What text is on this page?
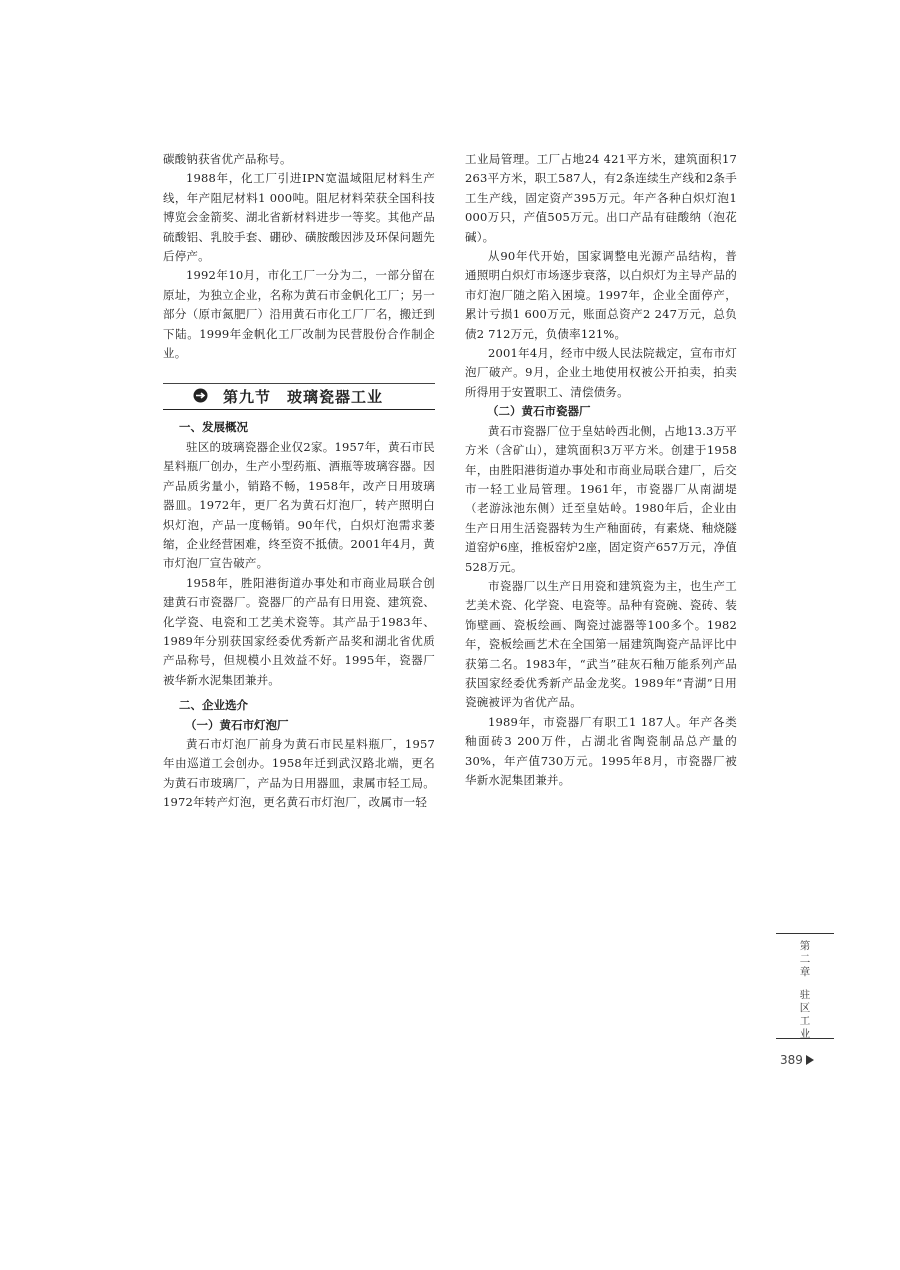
碳酸钠获省优产品称号。

1988年，化工厂引进IPN宽温域阻尼材料生产线，年产阻尼材料1 000吨。阻尼材料荣获全国科技博览会金箭奖、湖北省新材料进步一等奖。其他产品硫酸铝、乳胶手套、硼砂、磺胺酸因涉及环保问题先后停产。

1992年10月，市化工厂一分为二，一部分留在原址，为独立企业，名称为黄石市金帆化工厂；另一部分（原市氮肥厂）沿用黄石市化工厂厂名，搬迁到下陆。1999年金帆化工厂改制为民营股份合作制企业。

第九节　玻璃瓷器工业
一、发展概况

驻区的玻璃瓷器企业仅2家。1957年，黄石市民星料瓶厂创办，生产小型药瓶、酒瓶等玻璃容器。因产品质劣量小，销路不畅，1958年，改产日用玻璃器皿。1972年，更厂名为黄石灯泡厂，转产照明白炽灯泡，产品一度畅销。90年代，白炽灯泡需求萎缩，企业经营困难，终至资不抵债。2001年4月，黄市灯泡厂宣告破产。

1958年，胜阳港街道办事处和市商业局联合创建黄石市瓷器厂。瓷器厂的产品有日用瓷、建筑瓷、化学瓷、电瓷和工艺美术瓷等。其产品于1983年、1989年分别获国家经委优秀新产品奖和湖北省优质产品称号，但规模小且效益不好。1995年，瓷器厂被华新水泥集团兼并。

二、企业选介
（一）黄石市灯泡厂

黄石市灯泡厂前身为黄石市民星料瓶厂，1957年由巡道工会创办。1958年迁到武汉路北端，更名为黄石市玻璃厂，产品为日用器皿，隶属市轻工局。1972年转产灯泡，更名黄石市灯泡厂，改属市一轻

工业局管理。工厂占地24 421平方米，建筑面积17 263平方米，职工587人，有2条连续生产线和2条手工生产线，固定资产395万元。年产各种白炽灯泡1 000万只，产值505万元。出口产品有硅酸纳（泡花碱）。

从90年代开始，国家调整电光源产品结构，普通照明白炽灯市场逐步衰落，以白炽灯为主导产品的市灯泡厂随之陷入困境。1997年，企业全面停产，累计亏损1 600万元，账面总资产2 247万元，总负债2 712万元，负债率121%。

2001年4月，经市中级人民法院裁定，宣布市灯泡厂破产。9月，企业土地使用权被公开拍卖，拍卖所得用于安置职工、清偿债务。

（二）黄石市瓷器厂

黄石市瓷器厂位于皇姑岭西北侧，占地13.3万平方米（含矿山），建筑面积3万平方米。创建于1958年，由胜阳港街道办事处和市商业局联合建厂，后交市一轻工业局管理。1961年，市瓷器厂从南湖堤（老游泳池东侧）迁至皇姑岭。1980年后，企业由生产日用生活瓷器转为生产釉面砖，有素烧、釉烧隧道窑炉6座，推板窑炉2座，固定资产657万元，净值528万元。

市瓷器厂以生产日用瓷和建筑瓷为主，也生产工艺美术瓷、化学瓷、电瓷等。品种有瓷碗、瓷砖、装饰壁画、瓷板绘画、陶瓷过滤器等100多个。1982年，瓷板绘画艺术在全国第一届建筑陶瓷产品评比中获第二名。1983年，“武当”硅灰石釉万能系列产品获国家经委优秀新产品金龙奖。1989年“青湖”日用瓷碗被评为省优产品。

1989年，市瓷器厂有职工1 187人。年产各类釉面砖3 200万件，占湖北省陶瓷制品总产量的30%，年产值730万元。1995年8月，市瓷器厂被华新水泥集团兼并。

第二章
驻区工业
389
